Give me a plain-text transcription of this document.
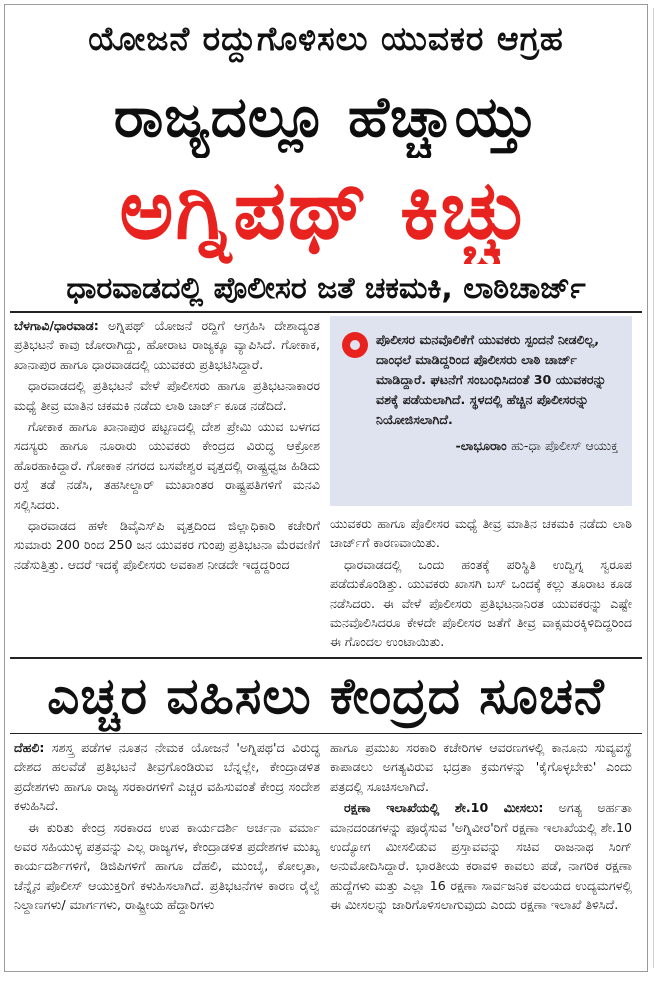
ಯೋಜನೆ ರದ್ದುಗೊಳಿಸಲು ಯುವಕರ ಆಗ್ರಹ
ರಾಜ್ಯದಲ್ಲೂ ಹೆಚ್ಚಾಯ್ತು
ಅಗ್ನಿಪಥ್ ಕಿಚ್ಚು
ಧಾರವಾಡದಲ್ಲಿ ಪೊಲೀಸರ ಜತೆ ಚಕಮಕಿ, ಲಾಠಿಚಾರ್ಜ್

ಬೆಳಗಾವಿ/ಧಾರವಾಡ: ಅಗ್ನಿಪಥ್ ಯೋಜನೆ ರದ್ದಿಗೆ ಆಗ್ರಹಿಸಿ ದೇಶಾದ್ಯಂತ ಪ್ರತಿಭಟನೆ ಕಾವು ಜೋರಾಗಿದ್ದು, ಹೋರಾಟ ರಾಜ್ಯಕ್ಕೂ ವ್ಯಾಪಿಸಿದೆ. ಗೋಕಾಕ, ಖಾನಾಪುರ ಹಾಗೂ ಧಾರವಾಡದಲ್ಲಿ ಯುವಕರು ಪ್ರತಿಭಟಿಸಿದ್ದಾರೆ.

ಧಾರವಾಡದಲ್ಲಿ ಪ್ರತಿಭಟನೆ ವೇಳೆ ಪೊಲೀಸರು ಹಾಗೂ ಪ್ರತಿಭಟನಾಕಾರರ ಮಧ್ಯೆ ತೀವ್ರ ಮಾತಿನ ಚಕಮಕಿ ನಡೆದು ಲಾಠಿ ಚಾರ್ಜ್ ಕೂಡ ನಡೆದಿದೆ.

ಗೋಕಾಕ ಹಾಗೂ ಖಾನಾಪುರ ಪಟ್ಟಣದಲ್ಲಿ ದೇಶ ಪ್ರೇಮಿ ಯುವ ಬಳಗದ ಸದಸ್ಯರು ಹಾಗೂ ನೂರಾರು ಯುವಕರು ಕೇಂದ್ರದ ವಿರುದ್ಧ ಆಕ್ರೋಶ ಹೊರಹಾಕಿದ್ದಾರೆ. ಗೋಕಾಕ ನಗರದ ಬಸವೇಶ್ವರ ವೃತ್ತದಲ್ಲಿ ರಾಷ್ಟ್ರಧ್ವಜ ಹಿಡಿದು ರಸ್ತೆ ತಡೆ ನಡೆಸಿ, ತಹಸೀಲ್ದಾರ್ ಮುಖಾಂತರ ರಾಷ್ಟ್ರಪತಿಗಳಿಗೆ ಮನವಿ ಸಲ್ಲಿಸಿದರು.

ಧಾರವಾಡದ ಹಳೇ ಡಿವೈಎಸ್‌ಪಿ ವೃತ್ತದಿಂದ ಜಿಲ್ಲಾಧಿಕಾರಿ ಕಚೇರಿಗೆ ಸುಮಾರು 200 ರಿಂದ 250 ಜನ ಯುವಕರ ಗುಂಪು ಪ್ರತಿಭಟನಾ ಮೆರವಣಿಗೆ ನಡೆಸುತ್ತಿತ್ತು. ಆದರೆ ಇದಕ್ಕೆ ಪೊಲೀಸರು ಅವಕಾಶ ನೀಡದೇ ಇದ್ದದ್ದರಿಂದ

ಪೊಲೀಸರ ಮನವೊಲಿಕೆಗೆ ಯುವಕರು ಸ್ಪಂದನೆ ನೀಡಲಿಲ್ಲ, ದಾಂಧಲೆ ಮಾಡಿದ್ದರಿಂದ ಪೊಲೀಸರು ಲಾಠಿ ಚಾರ್ಜ್ ಮಾಡಿದ್ದಾರೆ. ಘಟನೆಗೆ ಸಂಬಂಧಿಸಿದಂತೆ 30 ಯುವಕರನ್ನು ವಶಕ್ಕೆ ಪಡೆಯಲಾಗಿದೆ. ಸ್ಥಳದಲ್ಲಿ ಹೆಚ್ಚಿನ ಪೊಲೀಸರನ್ನು ನಿಯೋಜಿಸಲಾಗಿದೆ.
-ಲಾಭೂರಾಂ ಹು-ಧಾ ಪೊಲೀಸ್ ಆಯುಕ್ತ

ಯುವಕರು ಹಾಗೂ ಪೊಲೀಸರ ಮಧ್ಯೆ ತೀವ್ರ ಮಾತಿನ ಚಕಮಕಿ ನಡೆದು ಲಾಠಿ ಚಾರ್ಜ್‌ಗೆ ಕಾರಣವಾಯಿತು.

ಧಾರವಾಡದಲ್ಲಿ ಒಂದು ಹಂತಕ್ಕೆ ಪರಿಸ್ಥಿತಿ ಉದ್ವಿಗ್ನ ಸ್ವರೂಪ ಪಡೆದುಕೊಂಡಿತ್ತು. ಯುವಕರು ಖಾಸಗಿ ಬಸ್ ಒಂದಕ್ಕೆ ಕಲ್ಲು ತೂರಾಟ ಕೂಡ ನಡೆಸಿದರು. ಈ ವೇಳೆ ಪೊಲೀಸರು ಪ್ರತಿಭಟನಾನಿರತ ಯುವಕರನ್ನು ಎಷ್ಟೇ ಮನವೊಲಿಸಿದರೂ ಕೇಳದೇ ಪೊಲೀಸರ ಜತೆಗೆ ತೀವ್ರ ವಾಕ್ಸಮರಕ್ಕಿಳಿದಿದ್ದರಿಂದ ಈ ಗೊಂದಲ ಉಂಟಾಯಿತು.

ಎಚ್ಚರ ವಹಿಸಲು ಕೇಂದ್ರದ ಸೂಚನೆ

ದೆಹಲಿ: ಸಶಸ್ತ್ರ ಪಡೆಗಳ ನೂತನ ನೇಮಕ ಯೋಜನೆ 'ಅಗ್ನಿಪಥ'ದ ವಿರುದ್ಧ ದೇಶದ ಹಲವೆಡೆ ಪ್ರತಿಭಟನೆ ತೀವ್ರಗೊಂಡಿರುವ ಬೆನ್ನಲ್ಲೇ, ಕೇಂದ್ರಾಡಳಿತ ಪ್ರದೇಶಗಳು ಹಾಗೂ ರಾಜ್ಯ ಸರಕಾರಗಳಿಗೆ ಎಚ್ಚರ ವಹಿಸುವಂತೆ ಕೇಂದ್ರ ಸಂದೇಶ ಕಳುಹಿಸಿದೆ.

ಈ ಕುರಿತು ಕೇಂದ್ರ ಸರಕಾರದ ಉಪ ಕಾರ್ಯದರ್ಶಿ ಅರ್ಚನಾ ವರ್ಮಾ ಅವರ ಸಹಿಯುಳ್ಳ ಪತ್ರವನ್ನು ಎಲ್ಲ ರಾಜ್ಯಗಳ, ಕೇಂದ್ರಾಡಳಿತ ಪ್ರದೇಶಗಳ ಮುಖ್ಯ ಕಾರ್ಯದರ್ಶಿಗಳಿಗೆ, ಡಿಜಿಪಿಗಳಿಗೆ ಹಾಗೂ ದೆಹಲಿ, ಮುಂಬೈ, ಕೋಲ್ಕತಾ, ಚೆನ್ನೈನ ಪೊಲೀಸ್ ಆಯುಕ್ತರಿಗೆ ಕಳುಹಿಸಲಾಗಿದೆ. ಪ್ರತಿಭಟನೆಗಳ ಕಾರಣ ರೈಲ್ವೆ ನಿಲ್ದಾಣಗಳು/ ಮಾರ್ಗಗಳು, ರಾಷ್ಟ್ರೀಯ ಹೆದ್ದಾರಿಗಳು

ಹಾಗೂ ಪ್ರಮುಖ ಸರಕಾರಿ ಕಚೇರಿಗಳ ಆವರಣಗಳಲ್ಲಿ ಕಾನೂನು ಸುವ್ಯವಸ್ಥೆ ಕಾಪಾಡಲು ಅಗತ್ಯವಿರುವ ಭದ್ರತಾ ಕ್ರಮಗಳನ್ನು 'ಕೈಗೊಳ್ಳಬೇಕು' ಎಂದು ಪತ್ರದಲ್ಲಿ ಸೂಚಿಸಲಾಗಿದೆ.

ರಕ್ಷಣಾ ಇಲಾಖೆಯಲ್ಲಿ ಶೇ.10 ಮೀಸಲು: ಅಗತ್ಯ ಅರ್ಹತಾ ಮಾನದಂಡಗಳನ್ನು ಪೂರೈಸುವ 'ಅಗ್ನಿವೀರ'ರಿಗೆ ರಕ್ಷಣಾ ಇಲಾಖೆಯಲ್ಲಿ ಶೇ.10 ಉದ್ಯೋಗ ಮೀಸಲಿಡುವ ಪ್ರಸ್ತಾವವನ್ನು ಸಚಿವ ರಾಜನಾಥ ಸಿಂಗ್ ಅನುಮೋದಿಸಿದ್ದಾರೆ. ಭಾರತೀಯ ಕರಾವಳಿ ಕಾವಲು ಪಡೆ, ನಾಗರಿಕ ರಕ್ಷಣಾ ಹುದ್ದೆಗಳು ಮತ್ತು ಎಲ್ಲಾ 16 ರಕ್ಷಣಾ ಸಾರ್ವಜನಿಕ ವಲಯದ ಉದ್ಯಮಗಳಲ್ಲಿ ಈ ಮೀಸಲನ್ನು ಜಾರಿಗೊಳಿಸಲಾಗುವುದು ಎಂದು ರಕ್ಷಣಾ ಇಲಾಖೆ ತಿಳಿಸಿದೆ.
